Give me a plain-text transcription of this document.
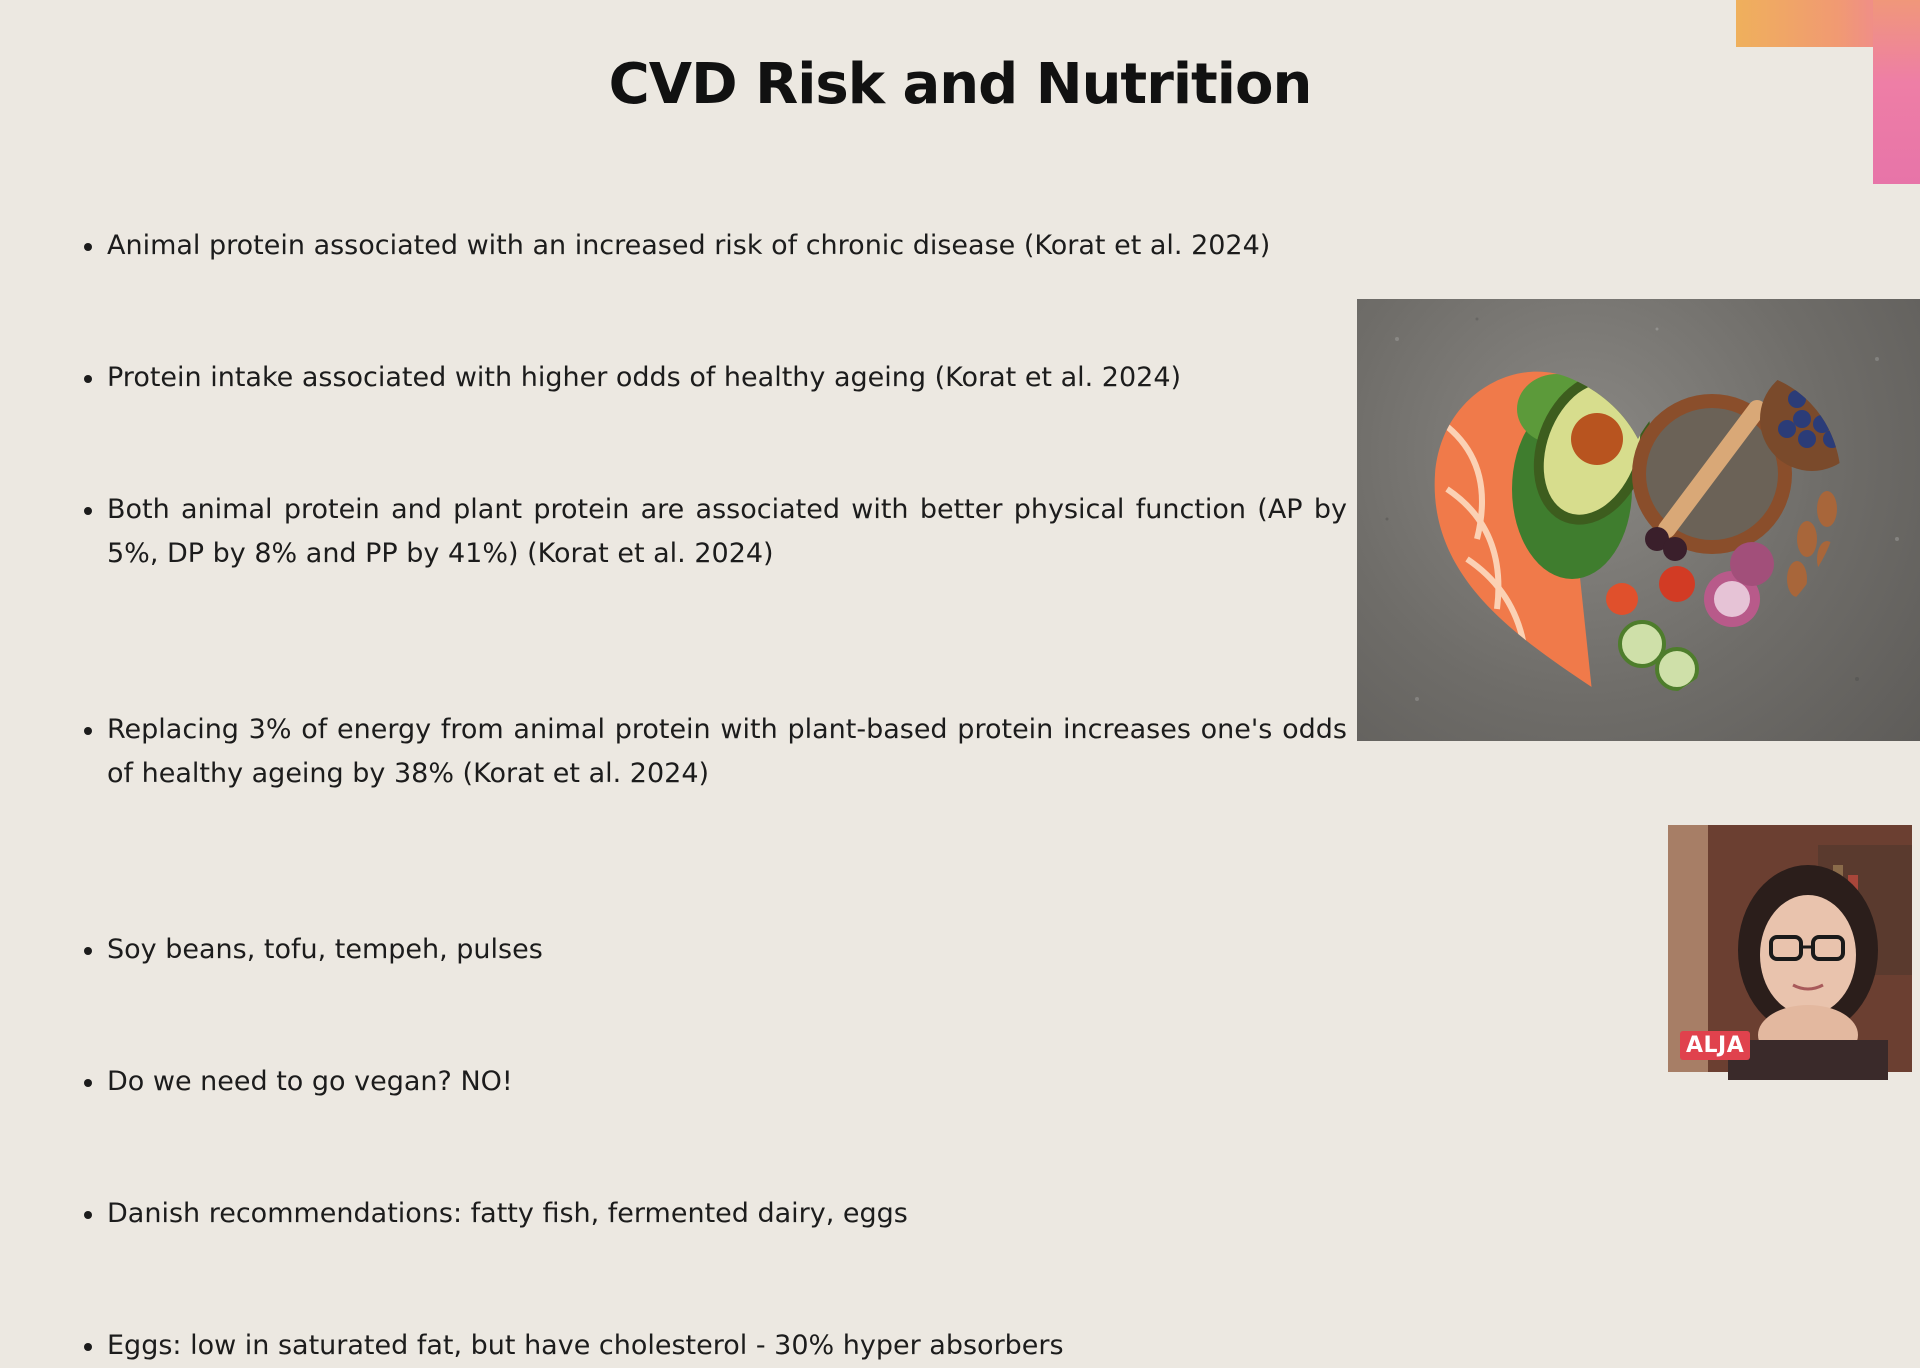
CVD Risk and Nutrition
Animal protein associated with an increased risk of chronic disease (Korat et al. 2024)
Protein intake associated with higher odds of healthy ageing (Korat et al. 2024)
Both animal protein and plant protein are associated with better physical function (AP by 5%, DP by 8% and PP by 41%) (Korat et al. 2024)
Replacing 3% of energy from animal protein with plant-based protein increases one's odds of healthy ageing by 38% (Korat et al. 2024)
Soy beans, tofu, tempeh, pulses
Do we need to go vegan? NO!
Danish recommendations: fatty fish, fermented dairy, eggs
Eggs: low in saturated fat, but have cholesterol - 30% hyper absorbers
ALJA
